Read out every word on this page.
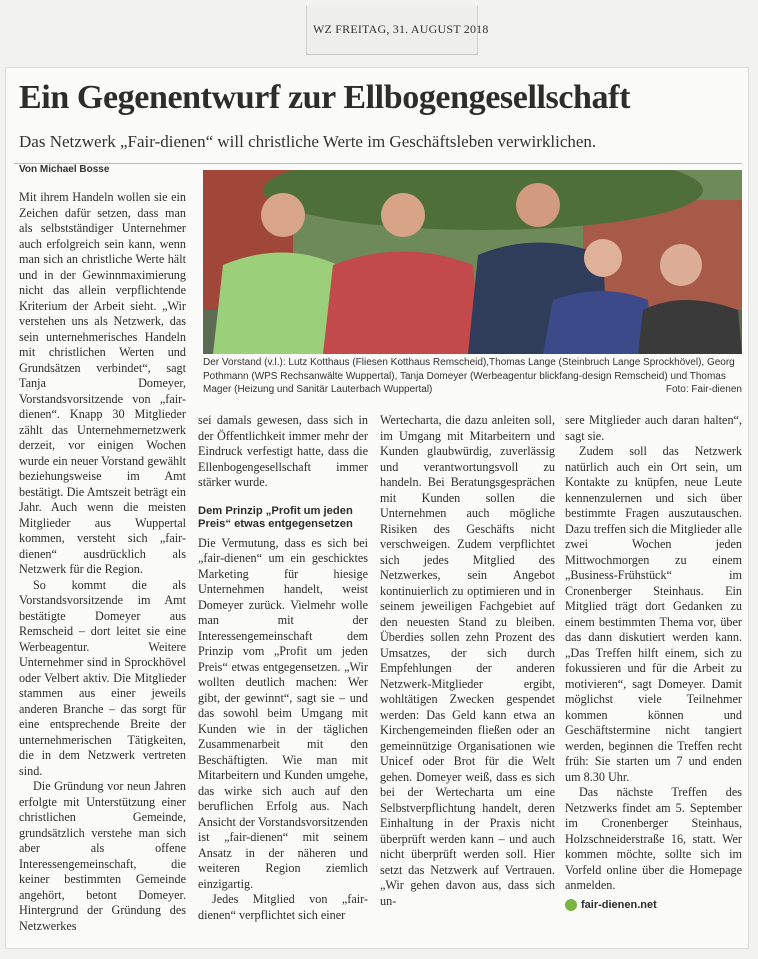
WZ FREITAG, 31. AUGUST 2018
Ein Gegenentwurf zur Ellbogengesellschaft
Das Netzwerk „Fair-dienen“ will christliche Werte im Geschäftsleben verwirklichen.
Von Michael Bosse

Mit ihrem Handeln wollen sie ein Zeichen dafür setzen, dass man als selbstständiger Unternehmer auch erfolgreich sein kann, wenn man sich an christliche Werte hält und in der Gewinnmaximierung nicht das allein verpflichtende Kriterium der Arbeit sieht. „Wir verstehen uns als Netzwerk, das sein unternehmerisches Handeln mit christlichen Werten und Grundsätzen verbindet“, sagt Tanja Domeyer, Vorstandsvorsitzende von „fair-dienen“. Knapp 30 Mitglieder zählt das Unternehmernetzwerk derzeit, vor einigen Wochen wurde ein neuer Vorstand gewählt beziehungsweise im Amt bestätigt. Die Amtszeit beträgt ein Jahr. Auch wenn die meisten Mitglieder aus Wuppertal kommen, versteht sich „fair-dienen“ ausdrücklich als Netzwerk für die Region.

So kommt die als Vorstandsvorsitzende im Amt bestätigte Domeyer aus Remscheid – dort leitet sie eine Werbeagentur. Weitere Unternehmer sind in Sprockhövel oder Velbert aktiv. Die Mitglieder stammen aus einer jeweils anderen Branche – das sorgt für eine entsprechende Breite der unternehmerischen Tätigkeiten, die in dem Netzwerk vertreten sind.

Die Gründung vor neun Jahren erfolgte mit Unterstützung einer christlichen Gemeinde, grundsätzlich verstehe man sich aber als offene Interessengemeinschaft, die keiner bestimmten Gemeinde angehört, betont Domeyer. Hintergrund der Gründung des Netzwerkes

Der Vorstand (v.l.): Lutz Kotthaus (Fliesen Kotthaus Remscheid),Thomas Lange (Steinbruch Lange Sprockhövel), Georg Pothmann (WPS Rechsanwälte Wuppertal), Tanja Domeyer (Werbeagentur blickfang-design Remscheid) und Thomas Mager (Heizung und Sanitär Lauterbach Wuppertal)	Foto: Fair-dienen

sei damals gewesen, dass sich in der Öffentlichkeit immer mehr der Eindruck verfestigt hatte, dass die Ellenbogengesellschaft immer stärker wurde.

Dem Prinzip „Profit um jeden Preis“ etwas entgegensetzen

Die Vermutung, dass es sich bei „fair-dienen“ um ein geschicktes Marketing für hiesige Unternehmen handelt, weist Domeyer zurück. Vielmehr wolle man mit der Interessengemeinschaft dem Prinzip vom „Profit um jeden Preis“ etwas entgegensetzen. „Wir wollten deutlich machen: Wer gibt, der gewinnt“, sagt sie – und das sowohl beim Umgang mit Kunden wie in der täglichen Zusammenarbeit mit den Beschäftigten. Wie man mit Mitarbeitern und Kunden umgehe, das wirke sich auch auf den beruflichen Erfolg aus. Nach Ansicht der Vorstandsvorsitzenden ist „fair-dienen“ mit seinem Ansatz in der näheren und weiteren Region ziemlich einzigartig.

Jedes Mitglied von „fair-dienen“ verpflichtet sich einer

Wertecharta, die dazu anleiten soll, im Umgang mit Mitarbeitern und Kunden glaubwürdig, zuverlässig und verantwortungsvoll zu handeln. Bei Beratungsgesprächen mit Kunden sollen die Unternehmen auch mögliche Risiken des Geschäfts nicht verschweigen. Zudem verpflichtet sich jedes Mitglied des Netzwerkes, sein Angebot kontinuierlich zu optimieren und in seinem jeweiligen Fachgebiet auf den neuesten Stand zu bleiben. Überdies sollen zehn Prozent des Umsatzes, der sich durch Empfehlungen der anderen Netzwerk-Mitglieder ergibt, wohltätigen Zwecken gespendet werden: Das Geld kann etwa an Kirchengemeinden fließen oder an gemeinnützige Organisationen wie Unicef oder Brot für die Welt gehen. Domeyer weiß, dass es sich bei der Wertecharta um eine Selbstverpflichtung handelt, deren Einhaltung in der Praxis nicht überprüft werden kann – und auch nicht überprüft werden soll. Hier setzt das Netzwerk auf Vertrauen. „Wir gehen davon aus, dass sich un-

sere Mitglieder auch daran halten“, sagt sie.

Zudem soll das Netzwerk natürlich auch ein Ort sein, um Kontakte zu knüpfen, neue Leute kennenzulernen und sich über bestimmte Fragen auszutauschen. Dazu treffen sich die Mitglieder alle zwei Wochen jeden Mittwochmorgen zu einem „Business-Frühstück“ im Cronenberger Steinhaus. Ein Mitglied trägt dort Gedanken zu einem bestimmten Thema vor, über das dann diskutiert werden kann. „Das Treffen hilft einem, sich zu fokussieren und für die Arbeit zu motivieren“, sagt Domeyer. Damit möglichst viele Teilnehmer kommen können und Geschäftstermine nicht tangiert werden, beginnen die Treffen recht früh: Sie starten um 7 und enden um 8.30 Uhr.

Das nächste Treffen des Netzwerks findet am 5. September im Cronenberger Steinhaus, Holzschneiderstraße 16, statt. Wer kommen möchte, sollte sich im Vorfeld online über die Homepage anmelden.

fair-dienen.net
